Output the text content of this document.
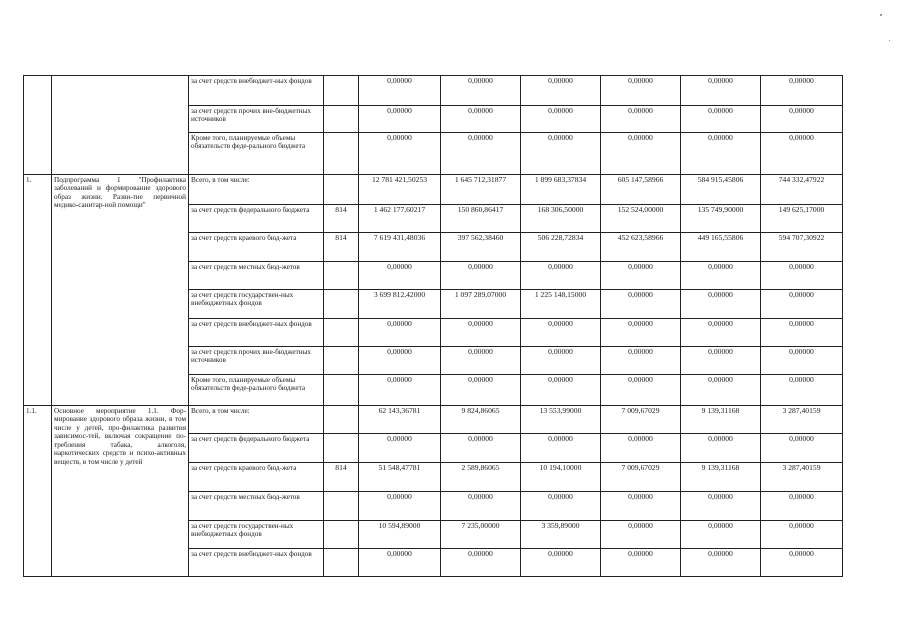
		за счет средств внебюджет-ных фондов		0,00000	0,00000	0,00000	0,00000	0,00000	0,00000
		за счет средств прочих вне-бюджетных источников		0,00000	0,00000	0,00000	0,00000	0,00000	0,00000
		Кроме того, планируемые объемы обязательств феде-рального бюджета		0,00000	0,00000	0,00000	0,00000	0,00000	0,00000
1.	Подпрограмма 1 "Профилактика заболеваний и формирование здорового образ жизни. Разви-тие первичной медико-санитар-ной помощи"	Всего, в том числе:		12 781 421,50253	1 645 712,31877	1 899 683,37834	605 147,58966	584 915,45806	744 332,47922
		за счет средств федерального бюджета	814	1 462 177,60217	150 860,86417	168 306,50000	152 524,00000	135 749,90000	149 625,17000
		за счет средств краевого бюд-жета	814	7 619 431,48036	397 562,38460	506 228,72834	452 623,58966	449 165,55806	594 707,30922
		за счет средств местных бюд-жетов		0,00000	0,00000	0,00000	0,00000	0,00000	0,00000
		за счет средств государствен-ных внебюджетных фондов		3 699 812,42000	1 097 289,07000	1 225 148,15000	0,00000	0,00000	0,00000
		за счет средств внебюджет-ных фондов		0,00000	0,00000	0,00000	0,00000	0,00000	0,00000
		за счет средств прочих вне-бюджетных источников		0,00000	0,00000	0,00000	0,00000	0,00000	0,00000
		Кроме того, планируемые объемы обязательств феде-рального бюджета		0,00000	0,00000	0,00000	0,00000	0,00000	0,00000
1.1.	Основное мероприятие 1.1. Фор-мирование здорового образа жизни, в том числе у детей, про-филактика развития зависимос-тей, включая сокращение по-требления табака, алкоголя, наркотических средств и психо-активных веществ, в том числе у детей	Всего, в том числе:		62 143,36781	9 824,86065	13 553,99000	7 009,67029	9 139,31168	3 287,40159
		за счет средств федерального бюджета		0,00000	0,00000	0,00000	0,00000	0,00000	0,00000
		за счет средств краевого бюд-жета	814	51 548,47781	2 589,86065	10 194,10000	7 009,67029	9 139,31168	3 287,40159
		за счет средств местных бюд-жетов		0,00000	0,00000	0,00000	0,00000	0,00000	0,00000
		за счет средств государствен-ных внебюджетных фондов		10 594,89000	7 235,00000	3 359,89000	0,00000	0,00000	0,00000
		за счет средств внебюджет-ных фондов		0,00000	0,00000	0,00000	0,00000	0,00000	0,00000
